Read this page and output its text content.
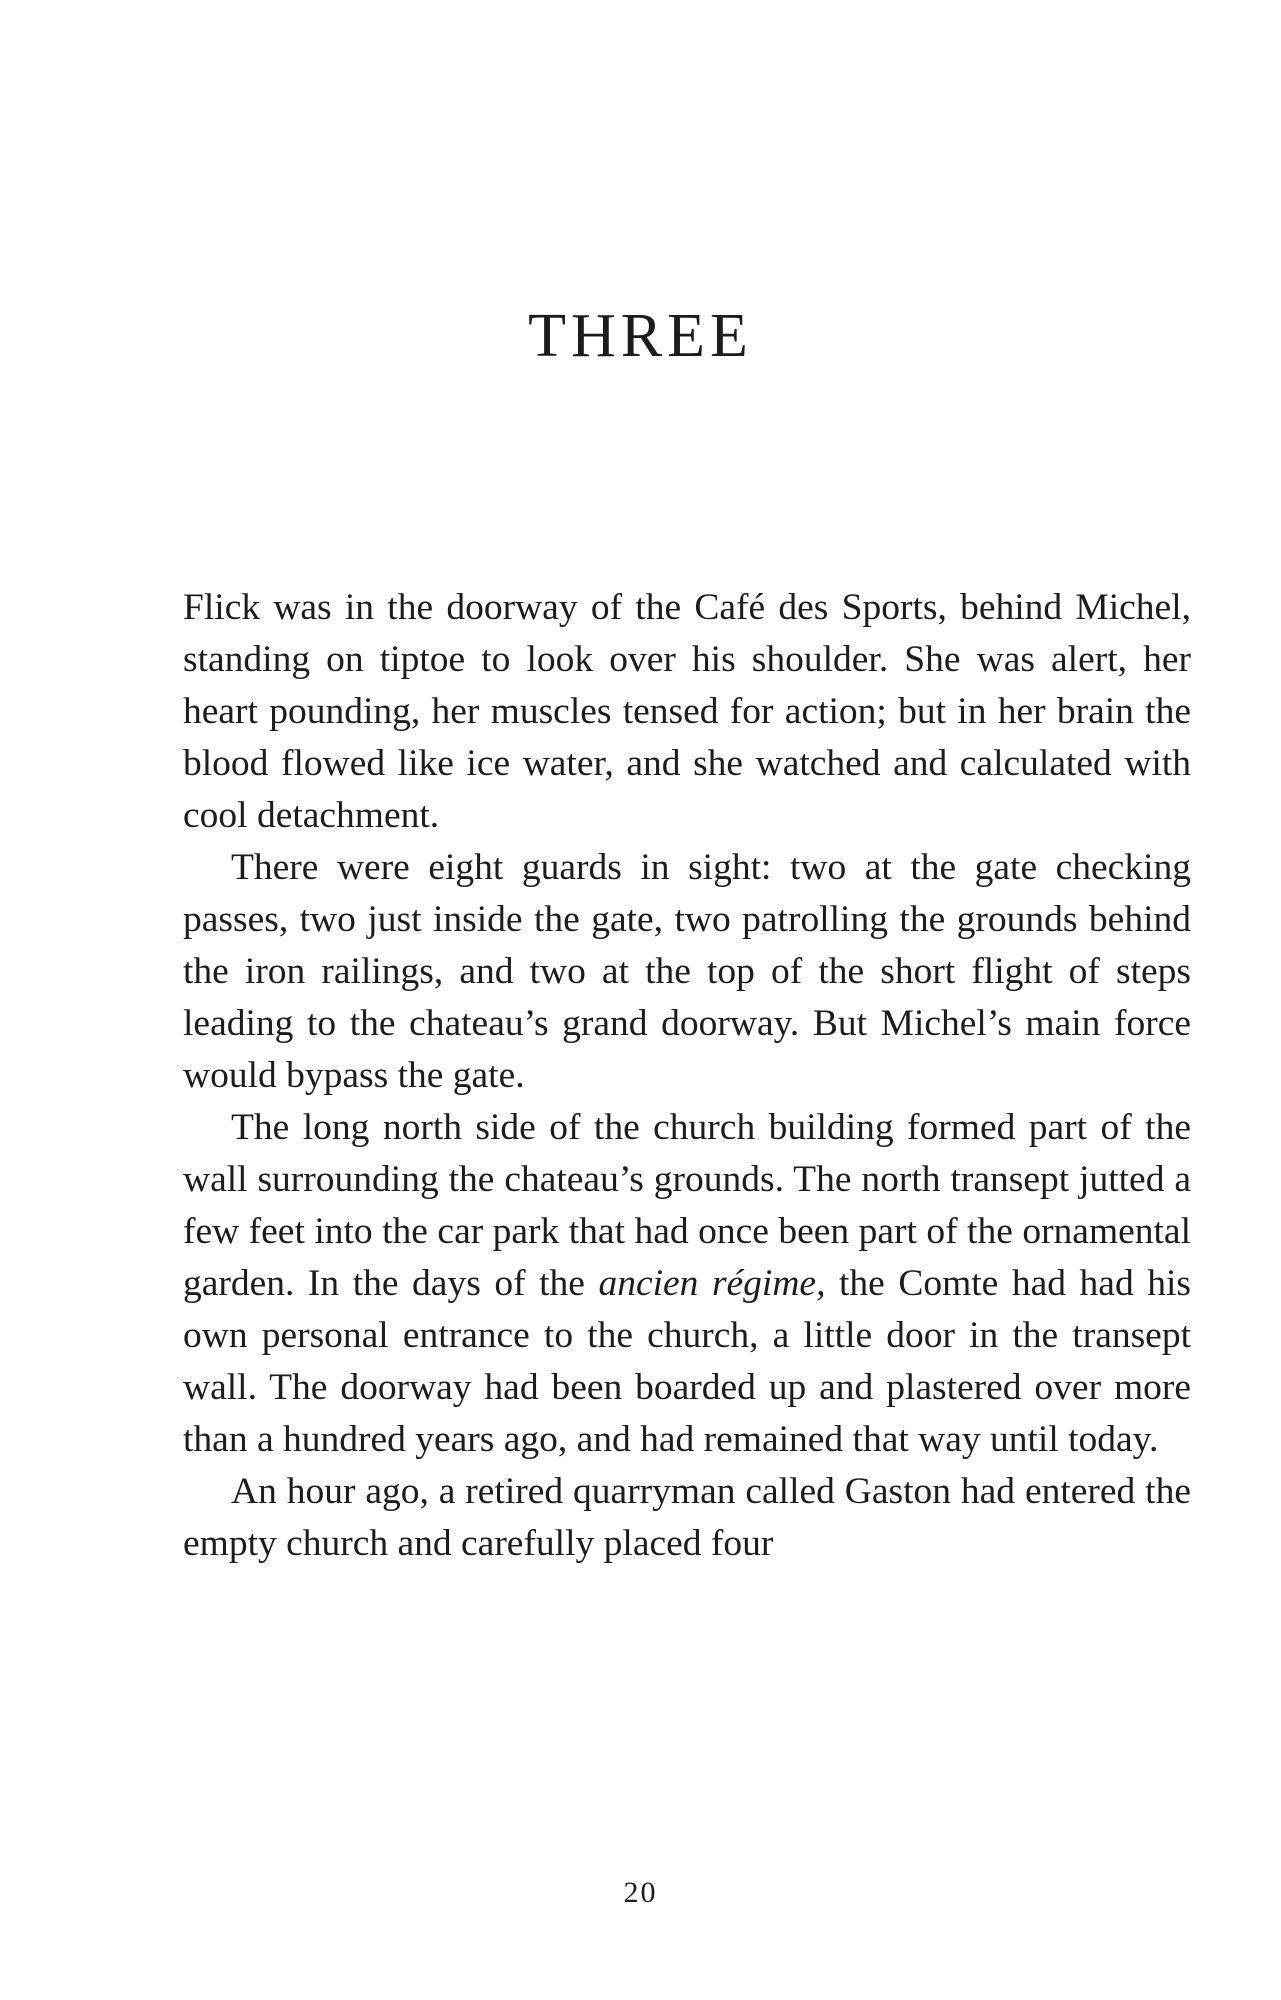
THREE

Flick was in the doorway of the Café des Sports, behind Michel, standing on tiptoe to look over his shoulder. She was alert, her heart pounding, her muscles tensed for action; but in her brain the blood flowed like ice water, and she watched and calculated with cool detachment.

There were eight guards in sight: two at the gate checking passes, two just inside the gate, two patrolling the grounds behind the iron railings, and two at the top of the short flight of steps leading to the chateau’s grand doorway. But Michel’s main force would bypass the gate.

The long north side of the church building formed part of the wall surrounding the chateau’s grounds. The north transept jutted a few feet into the car park that had once been part of the ornamental garden. In the days of the ancien régime, the Comte had had his own personal entrance to the church, a little door in the transept wall. The doorway had been boarded up and plastered over more than a hundred years ago, and had remained that way until today.

An hour ago, a retired quarryman called Gaston had entered the empty church and carefully placed four

20
